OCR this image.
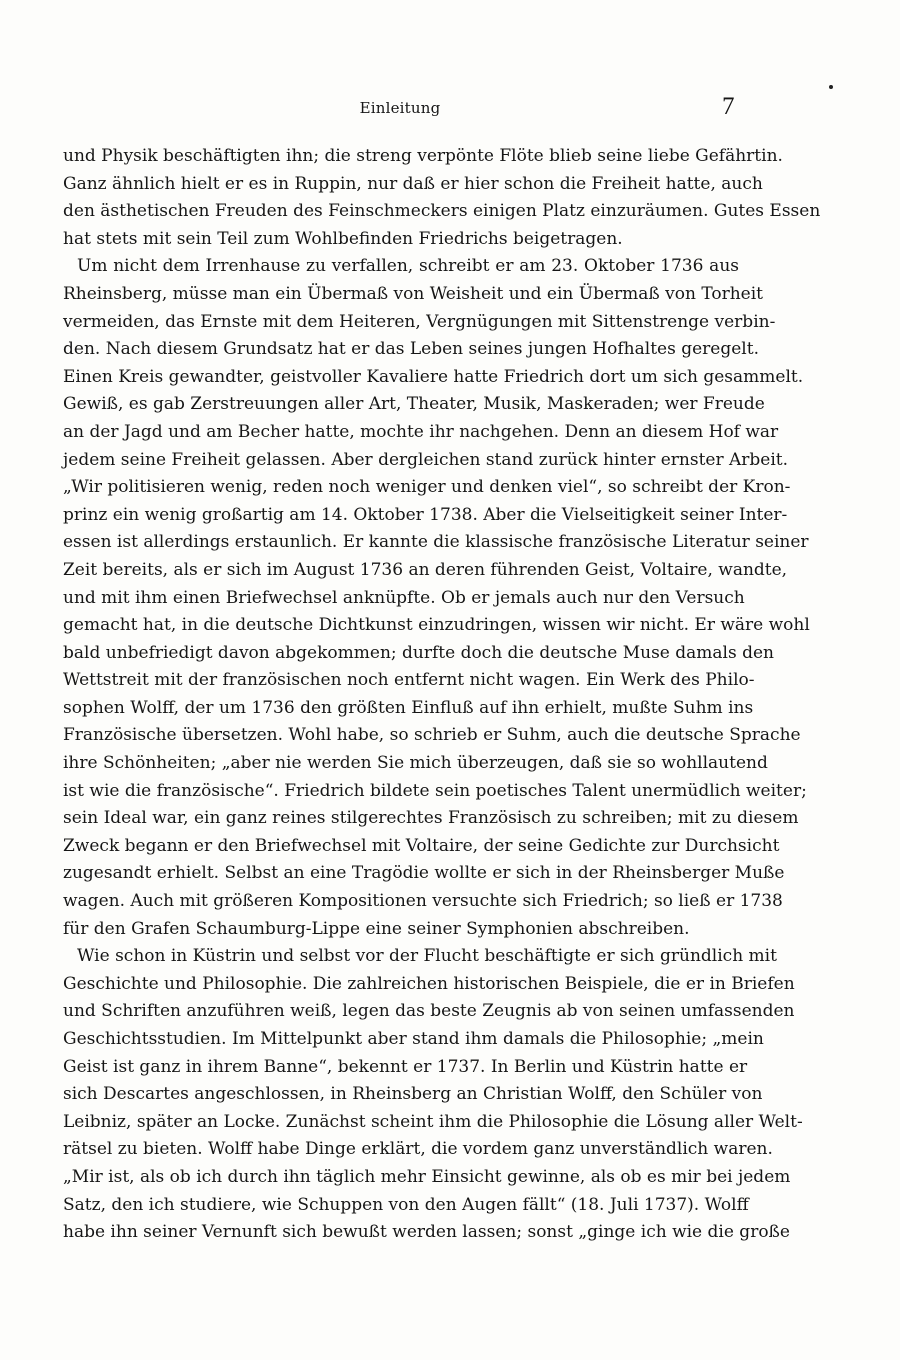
Einleitung	7
und Physik beschäftigten ihn; die streng verpönte Flöte blieb seine liebe Gefährtin.
Ganz ähnlich hielt er es in Ruppin, nur daß er hier schon die Freiheit hatte, auch
den ästhetischen Freuden des Feinschmeckers einigen Platz einzuräumen. Gutes Essen
hat stets mit sein Teil zum Wohlbefinden Friedrichs beigetragen.
Um nicht dem Irrenhause zu verfallen, schreibt er am 23. Oktober 1736 aus
Rheinsberg, müsse man ein Übermaß von Weisheit und ein Übermaß von Torheit
vermeiden, das Ernste mit dem Heiteren, Vergnügungen mit Sittenstrenge verbin-
den. Nach diesem Grundsatz hat er das Leben seines jungen Hofhaltes geregelt.
Einen Kreis gewandter, geistvoller Kavaliere hatte Friedrich dort um sich gesammelt.
Gewiß, es gab Zerstreuungen aller Art, Theater, Musik, Maskeraden; wer Freude
an der Jagd und am Becher hatte, mochte ihr nachgehen. Denn an diesem Hof war
jedem seine Freiheit gelassen. Aber dergleichen stand zurück hinter ernster Arbeit.
„Wir politisieren wenig, reden noch weniger und denken viel“, so schreibt der Kron-
prinz ein wenig großartig am 14. Oktober 1738. Aber die Vielseitigkeit seiner Inter-
essen ist allerdings erstaunlich. Er kannte die klassische französische Literatur seiner
Zeit bereits, als er sich im August 1736 an deren führenden Geist, Voltaire, wandte,
und mit ihm einen Briefwechsel anknüpfte. Ob er jemals auch nur den Versuch
gemacht hat, in die deutsche Dichtkunst einzudringen, wissen wir nicht. Er wäre wohl
bald unbefriedigt davon abgekommen; durfte doch die deutsche Muse damals den
Wettstreit mit der französischen noch entfernt nicht wagen. Ein Werk des Philo-
sophen Wolff, der um 1736 den größten Einfluß auf ihn erhielt, mußte Suhm ins
Französische übersetzen. Wohl habe, so schrieb er Suhm, auch die deutsche Sprache
ihre Schönheiten; „aber nie werden Sie mich überzeugen, daß sie so wohllautend
ist wie die französische“. Friedrich bildete sein poetisches Talent unermüdlich weiter;
sein Ideal war, ein ganz reines stilgerechtes Französisch zu schreiben; mit zu diesem
Zweck begann er den Briefwechsel mit Voltaire, der seine Gedichte zur Durchsicht
zugesandt erhielt. Selbst an eine Tragödie wollte er sich in der Rheinsberger Muße
wagen. Auch mit größeren Kompositionen versuchte sich Friedrich; so ließ er 1738
für den Grafen Schaumburg-Lippe eine seiner Symphonien abschreiben.
Wie schon in Küstrin und selbst vor der Flucht beschäftigte er sich gründlich mit
Geschichte und Philosophie. Die zahlreichen historischen Beispiele, die er in Briefen
und Schriften anzuführen weiß, legen das beste Zeugnis ab von seinen umfassenden
Geschichtsstudien. Im Mittelpunkt aber stand ihm damals die Philosophie; „mein
Geist ist ganz in ihrem Banne“, bekennt er 1737. In Berlin und Küstrin hatte er
sich Descartes angeschlossen, in Rheinsberg an Christian Wolff, den Schüler von
Leibniz, später an Locke. Zunächst scheint ihm die Philosophie die Lösung aller Welt-
rätsel zu bieten. Wolff habe Dinge erklärt, die vordem ganz unverständlich waren.
„Mir ist, als ob ich durch ihn täglich mehr Einsicht gewinne, als ob es mir bei jedem
Satz, den ich studiere, wie Schuppen von den Augen fällt“ (18. Juli 1737). Wolff
habe ihn seiner Vernunft sich bewußt werden lassen; sonst „ginge ich wie die große
